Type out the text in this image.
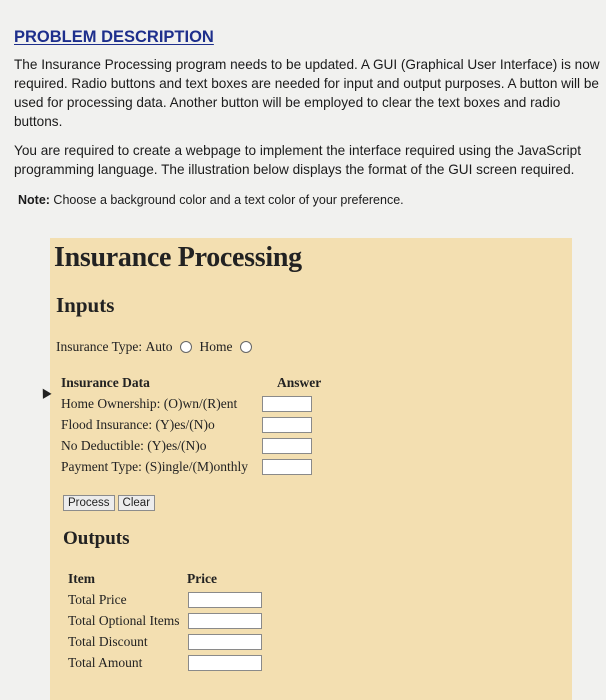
PROBLEM DESCRIPTION

The Insurance Processing program needs to be updated. A GUI (Graphical User Interface) is now required. Radio buttons and text boxes are needed for input and output purposes. A button will be used for processing data. Another button will be employed to clear the text boxes and radio buttons.

You are required to create a webpage to implement the interface required using the JavaScript programming language. The illustration below displays the format of the GUI screen required.

Note: Choose a background color and a text color of your preference.
Insurance Processing
Inputs
Insurance Type:
Auto Home
Insurance Data	Answer
Home Ownership: (O)wn/(R)ent
Flood Insurance: (Y)es/(N)o
No Deductible: (Y)es/(N)o
Payment Type: (S)ingle/(M)onthly
Process	Clear
Outputs
Item	Price
Total Price
Total Optional Items
Total Discount
Total Amount
